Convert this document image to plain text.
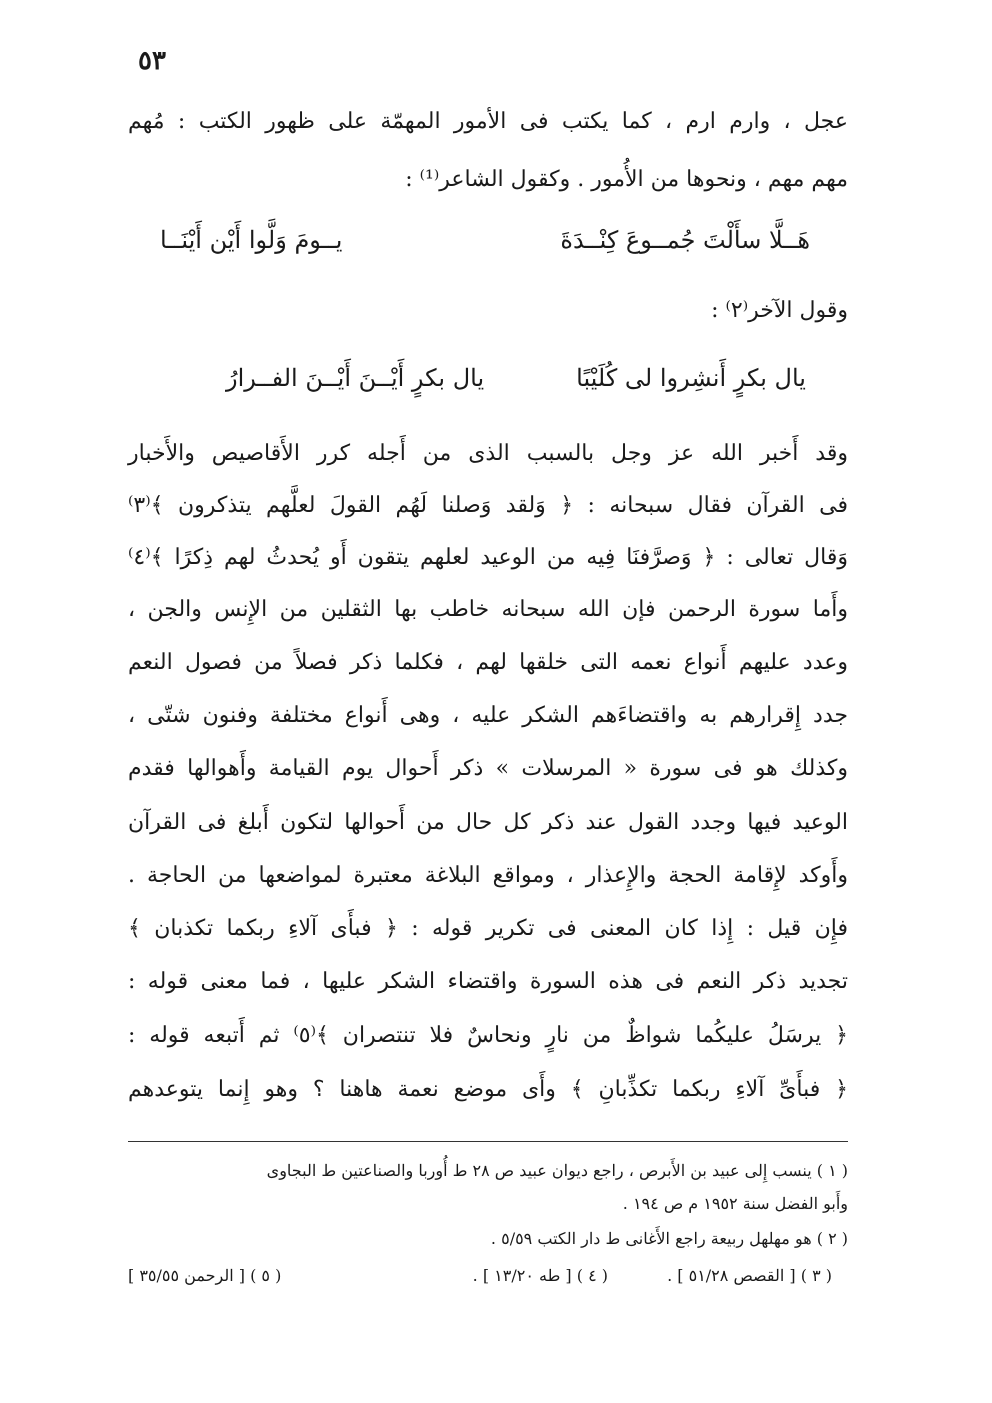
٥٣
عجل ، وارم ارم ، كما يكتب فى الأمور المهمّة على ظهور الكتب : مُهم
مهم مهم ، ونحوها من الأُمور . وكقول الشاعر⁽¹⁾ :
هَــلَّا سأَلْتَ جُمــوعَ كِنْــدَةَ
يــومَ وَلَّوا أَيْن أَيْنَــا
وقول الآخر⁽٢⁾ :
يال بكرٍ أَنشِروا لى كُلَيْبًا
يال بكرٍ أَيْــنَ أَيْــنَ الفــرارُ
وقد أَخبر الله عز وجل بالسبب الذى من أَجله كرر الأَقاصيص والأَخبار
فى القرآن فقال سبحانه : ﴿ وَلقد وَصلنا لَهُم القولَ لعلَّهم يتذكرون ﴾⁽٣⁾
وَقال تعالى : ﴿ وَصرَّفنَا فِيه من الوعيد لعلهم يتقون أَو يُحدثُ لهم ذِكرًا ﴾⁽٤⁾
وأَما سورة الرحمن فإن الله سبحانه خاطب بها الثقلين من الإِنس والجن ،
وعدد عليهم أَنواع نعمه التى خلقها لهم ، فكلما ذكر فصلاً من فصول النعم
جدد إِقرارهم به واقتضاءَهم الشكر عليه ، وهى أَنواع مختلفة وفنون شتّى ،
وكذلك هو فى سورة « المرسلات » ذكر أَحوال يوم القيامة وأَهوالها فقدم
الوعيد فيها وجدد القول عند ذكر كل حال من أَحوالها لتكون أَبلغ فى القرآن
وأَوكد لإِقامة الحجة والإِعذار ، ومواقع البلاغة معتبرة لمواضعها من الحاجة .
فإِن قيل : إِذا كان المعنى فى تكرير قوله : ﴿ فبأَى آلاءِ ربكما تكذبان ﴾
تجديد ذكر النعم فى هذه السورة واقتضاء الشكر عليها ، فما معنى قوله :
﴿ يرسَلُ عليكُما شواظٌ من نارٍ ونحاسٌ فلا تنتصران ﴾⁽٥⁾ ثم أَتبعه قوله :
﴿ فبأَىِّ آلاءِ ربكما تكذِّبانِ ﴾ وأَى موضع نعمة هاهنا ؟ وهو إِنما يتوعدهم
( ١ ) ينسب إِلى عبيد بن الأَبرص ، راجع ديوان عبيد ص ٢٨ ط أُوربا والصناعتين ط البجاوى
وأَبو الفضل سنة ١٩٥٢ م ص ١٩٤ .
( ٢ ) هو مهلهل ربيعة راجع الأَغانى ط دار الكتب ٥/٥٩ .
( ٣ ) [ القصص ٥١/٢٨ ] .
( ٤ ) [ طه ١٣/٢٠ ] .
( ٥ ) [ الرحمن ٣٥/٥٥ ]
